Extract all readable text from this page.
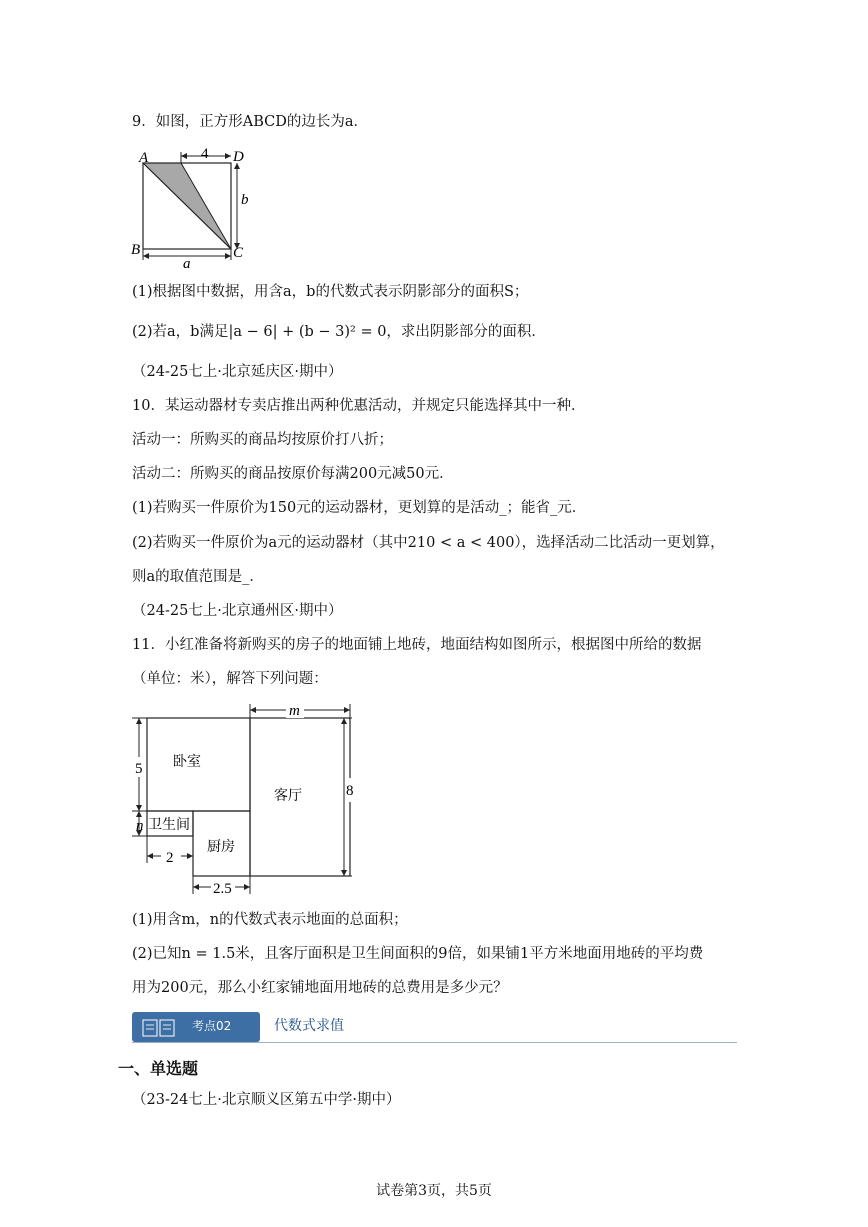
9．如图，正方形ABCD的边长为a．
A	D
B	C
4
b
a
(1)根据图中数据，用含a，b的代数式表示阴影部分的面积S；
(2)若a，b满足|a − 6| + (b − 3)² = 0，求出阴影部分的面积．
（24-25七上·北京延庆区·期中）
10．某运动器材专卖店推出两种优惠活动，并规定只能选择其中一种．
活动一：所购买的商品均按原价打八折；
活动二：所购买的商品按原价每满200元减50元．
(1)若购买一件原价为150元的运动器材，更划算的是活动_；能省_元．
(2)若购买一件原价为a元的运动器材（其中210 < a < 400），选择活动二比活动一更划算，
则a的取值范围是_．
（24-25七上·北京通州区·期中）
11．小红准备将新购买的房子的地面铺上地砖，地面结构如图所示，根据图中所给的数据
（单位：米），解答下列问题：
卧室
客厅
卫生间
厨房
m
n
5
8
2
2.5
(1)用含m，n的代数式表示地面的总面积；
(2)已知n = 1.5米，且客厅面积是卫生间面积的9倍，如果铺1平方米地面用地砖的平均费
用为200元，那么小红家铺地面用地砖的总费用是多少元？
考点02	代数式求值
一、单选题
（23-24七上·北京顺义区第五中学·期中）
试卷第3页，共5页
